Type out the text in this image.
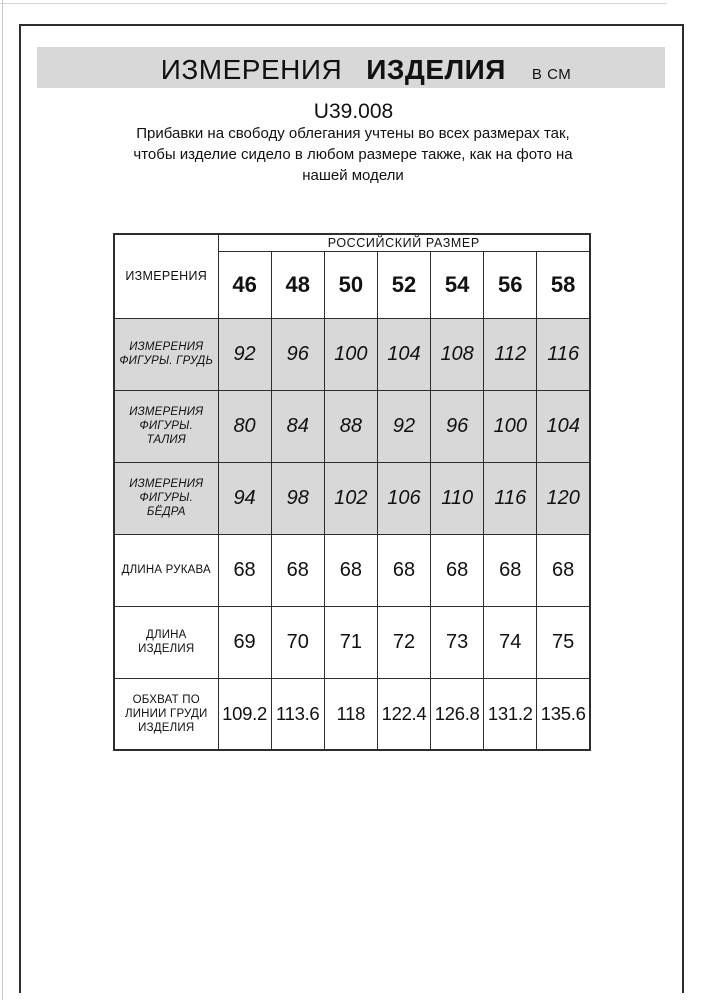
ИЗМЕРЕНИЯ ИЗДЕЛИЯ В СМ
U39.008
Прибавки на свободу облегания учтены во всех размерах так,
чтобы изделие сидело в любом размере также, как на фото на
нашей модели
ИЗМЕРЕНИЯ	РОССИЙСКИЙ РАЗМЕР						
	46	48	50	52	54	56	58
ИЗМЕРЕНИЯ ФИГУРЫ. ГРУДЬ	92	96	100	104	108	112	116
ИЗМЕРЕНИЯ ФИГУРЫ. ТАЛИЯ	80	84	88	92	96	100	104
ИЗМЕРЕНИЯ ФИГУРЫ. БЁДРА	94	98	102	106	110	116	120
ДЛИНА РУКАВА	68	68	68	68	68	68	68
ДЛИНА ИЗДЕЛИЯ	69	70	71	72	73	74	75
ОБХВАТ ПО ЛИНИИ ГРУДИ ИЗДЕЛИЯ	109.2	113.6	118	122.4	126.8	131.2	135.6
